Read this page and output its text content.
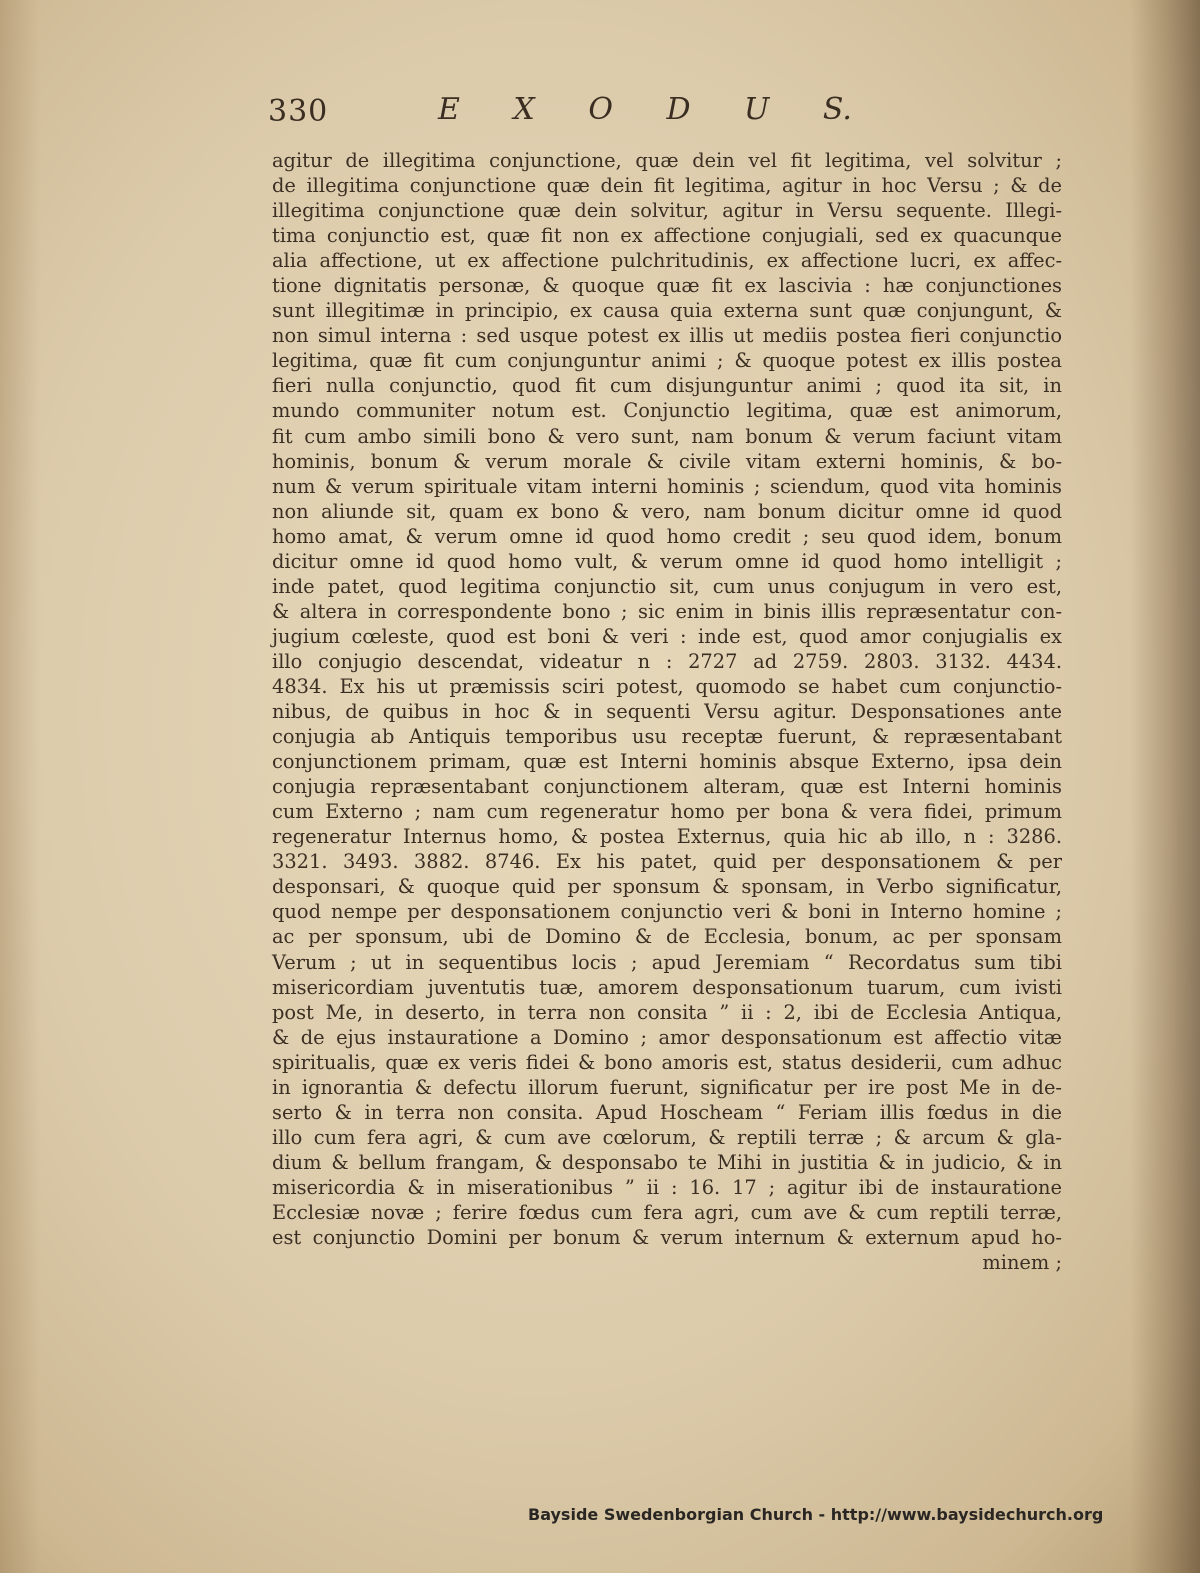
330	E X O D U S.
agitur de illegitima conjunctione, quæ dein vel fit legitima, vel solvitur ;
de illegitima conjunctione quæ dein fit legitima, agitur in hoc Versu ; & de
illegitima conjunctione quæ dein solvitur, agitur in Versu sequente. Illegi-
tima conjunctio est, quæ fit non ex affectione conjugiali, sed ex quacunque
alia affectione, ut ex affectione pulchritudinis, ex affectione lucri, ex affec-
tione dignitatis personæ, & quoque quæ fit ex lascivia : hæ conjunctiones
sunt illegitimæ in principio, ex causa quia externa sunt quæ conjungunt, &
non simul interna : sed usque potest ex illis ut mediis postea fieri conjunctio
legitima, quæ fit cum conjunguntur animi ; & quoque potest ex illis postea
fieri nulla conjunctio, quod fit cum disjunguntur animi ; quod ita sit, in
mundo communiter notum est. Conjunctio legitima, quæ est animorum,
fit cum ambo simili bono & vero sunt, nam bonum & verum faciunt vitam
hominis, bonum & verum morale & civile vitam externi hominis, & bo-
num & verum spirituale vitam interni hominis ; sciendum, quod vita hominis
non aliunde sit, quam ex bono & vero, nam bonum dicitur omne id quod
homo amat, & verum omne id quod homo credit ; seu quod idem, bonum
dicitur omne id quod homo vult, & verum omne id quod homo intelligit ;
inde patet, quod legitima conjunctio sit, cum unus conjugum in vero est,
& altera in correspondente bono ; sic enim in binis illis repræsentatur con-
jugium cœleste, quod est boni & veri : inde est, quod amor conjugialis ex
illo conjugio descendat, videatur n : 2727 ad 2759. 2803. 3132. 4434.
4834. Ex his ut præmissis sciri potest, quomodo se habet cum conjunctio-
nibus, de quibus in hoc & in sequenti Versu agitur. Desponsationes ante
conjugia ab Antiquis temporibus usu receptæ fuerunt, & repræsentabant
conjunctionem primam, quæ est Interni hominis absque Externo, ipsa dein
conjugia repræsentabant conjunctionem alteram, quæ est Interni hominis
cum Externo ; nam cum regeneratur homo per bona & vera fidei, primum
regeneratur Internus homo, & postea Externus, quia hic ab illo, n : 3286.
3321. 3493. 3882. 8746. Ex his patet, quid per desponsationem & per
desponsari, & quoque quid per sponsum & sponsam, in Verbo significatur,
quod nempe per desponsationem conjunctio veri & boni in Interno homine ;
ac per sponsum, ubi de Domino & de Ecclesia, bonum, ac per sponsam
Verum ; ut in sequentibus locis ; apud Jeremiam “ Recordatus sum tibi
misericordiam juventutis tuæ, amorem desponsationum tuarum, cum ivisti
post Me, in deserto, in terra non consita ” ii : 2, ibi de Ecclesia Antiqua,
& de ejus instauratione a Domino ; amor desponsationum est affectio vitæ
spiritualis, quæ ex veris fidei & bono amoris est, status desiderii, cum adhuc
in ignorantia & defectu illorum fuerunt, significatur per ire post Me in de-
serto & in terra non consita. Apud Hoscheam “ Feriam illis fœdus in die
illo cum fera agri, & cum ave cœlorum, & reptili terræ ; & arcum & gla-
dium & bellum frangam, & desponsabo te Mihi in justitia & in judicio, & in
misericordia & in miserationibus ” ii : 16. 17 ; agitur ibi de instauratione
Ecclesiæ novæ ; ferire fœdus cum fera agri, cum ave & cum reptili terræ,
est conjunctio Domini per bonum & verum internum & externum apud ho-
minem ;
Bayside Swedenborgian Church - http://www.baysidechurch.org
